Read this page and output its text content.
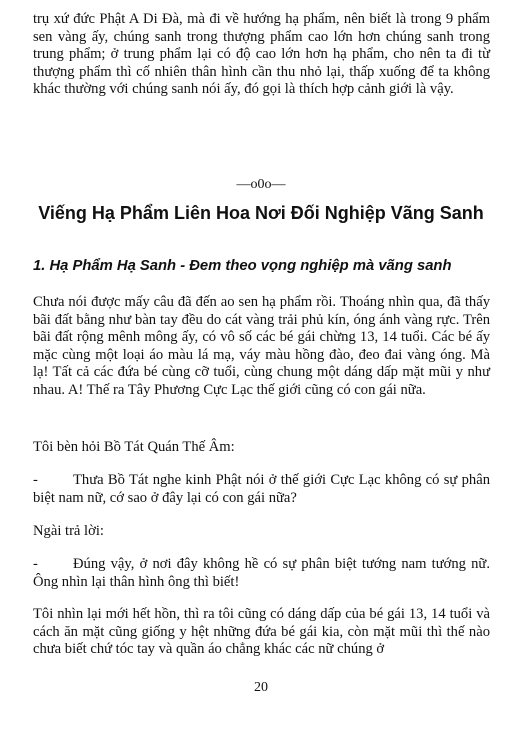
trụ xứ đức Phật A Di Đà, mà đi về hướng hạ phẩm, nên biết là trong 9 phẩm sen vàng ấy, chúng sanh trong thượng phẩm cao lớn hơn chúng sanh trong trung phẩm; ở trung phẩm lại có độ cao lớn hơn hạ phẩm, cho nên ta đi từ thượng phẩm thì cố nhiên thân hình cần thu nhỏ lại, thấp xuống để ta không khác thường với chúng sanh nói ấy, đó gọi là thích hợp cảnh giới là vậy.

—o0o—
Viếng Hạ Phẩm Liên Hoa Nơi Đối Nghiệp Vãng Sanh
1. Hạ Phẩm Hạ Sanh - Đem theo vọng nghiệp mà vãng sanh

Chưa nói được mấy câu đã đến ao sen hạ phẩm rồi. Thoáng nhìn qua, đã thấy bãi đất bằng như bàn tay đều do cát vàng trải phủ kín, óng ánh vàng rực. Trên bãi đất rộng mênh mông ấy, có vô số các bé gái chừng 13, 14 tuổi. Các bé ấy mặc cùng một loại áo màu lá mạ, váy màu hồng đào, đeo đai vàng óng. Mà lạ! Tất cả các đứa bé cùng cỡ tuổi, cùng chung một dáng dấp mặt mũi y như nhau. A! Thế ra Tây Phương Cực Lạc thế giới cũng có con gái nữa.

Tôi bèn hỏi Bồ Tát Quán Thế Âm:

- Thưa Bồ Tát nghe kinh Phật nói ở thế giới Cực Lạc không có sự phân biệt nam nữ, cớ sao ở đây lại có con gái nữa?

Ngài trả lời:

- Đúng vậy, ở nơi đây không hề có sự phân biệt tướng nam tướng nữ. Ông nhìn lại thân hình ông thì biết!

Tôi nhìn lại mới hết hồn, thì ra tôi cũng có dáng dấp của bé gái 13, 14 tuổi và cách ăn mặt cũng giống y hệt những đứa bé gái kia, còn mặt mũi thì thế nào chưa biết chứ tóc tay và quần áo chẳng khác các nữ chúng ở

20
